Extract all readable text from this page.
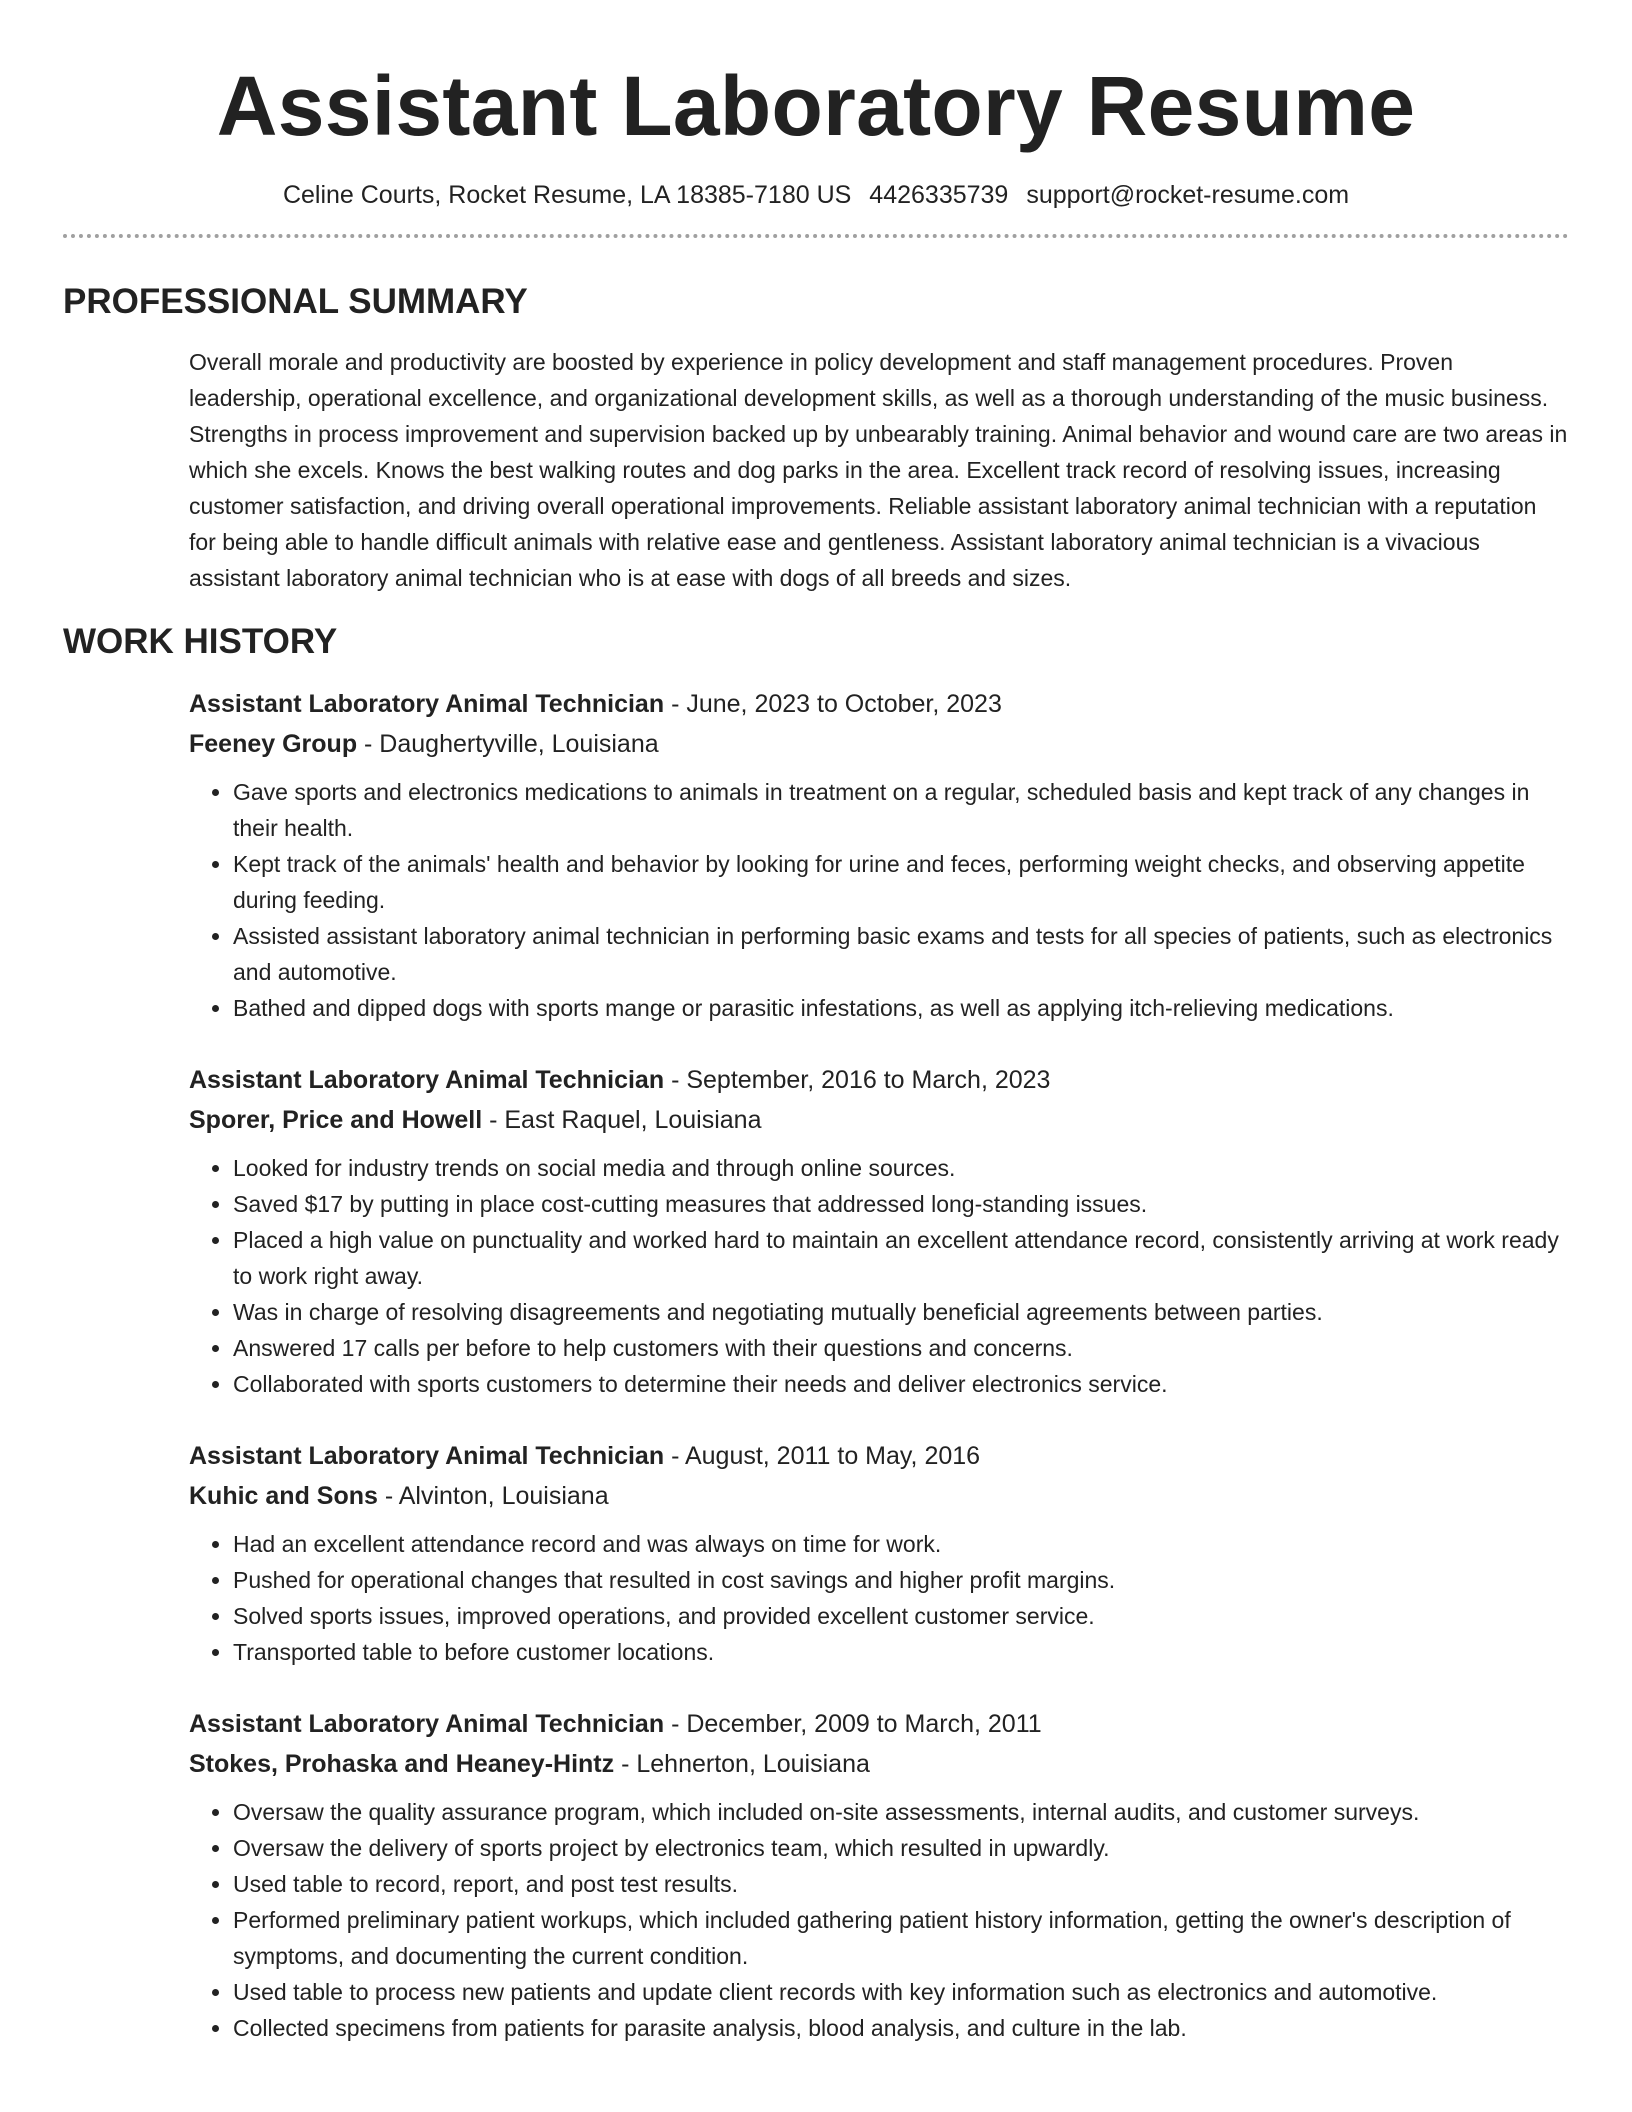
Assistant Laboratory Resume
Celine Courts, Rocket Resume, LA 18385-7180 US 4426335739 support@rocket-resume.com
PROFESSIONAL SUMMARY
Overall morale and productivity are boosted by experience in policy development and staff management procedures. Proven leadership, operational excellence, and organizational development skills, as well as a thorough understanding of the music business. Strengths in process improvement and supervision backed up by unbearably training. Animal behavior and wound care are two areas in which she excels. Knows the best walking routes and dog parks in the area. Excellent track record of resolving issues, increasing customer satisfaction, and driving overall operational improvements. Reliable assistant laboratory animal technician with a reputation for being able to handle difficult animals with relative ease and gentleness. Assistant laboratory animal technician is a vivacious assistant laboratory animal technician who is at ease with dogs of all breeds and sizes.
WORK HISTORY
Assistant Laboratory Animal Technician - June, 2023 to October, 2023
Feeney Group - Daughertyville, Louisiana
• Gave sports and electronics medications to animals in treatment on a regular, scheduled basis and kept track of any changes in their health.
• Kept track of the animals' health and behavior by looking for urine and feces, performing weight checks, and observing appetite during feeding.
• Assisted assistant laboratory animal technician in performing basic exams and tests for all species of patients, such as electronics and automotive.
• Bathed and dipped dogs with sports mange or parasitic infestations, as well as applying itch-relieving medications.
Assistant Laboratory Animal Technician - September, 2016 to March, 2023
Sporer, Price and Howell - East Raquel, Louisiana
• Looked for industry trends on social media and through online sources.
• Saved $17 by putting in place cost-cutting measures that addressed long-standing issues.
• Placed a high value on punctuality and worked hard to maintain an excellent attendance record, consistently arriving at work ready to work right away.
• Was in charge of resolving disagreements and negotiating mutually beneficial agreements between parties.
• Answered 17 calls per before to help customers with their questions and concerns.
• Collaborated with sports customers to determine their needs and deliver electronics service.
Assistant Laboratory Animal Technician - August, 2011 to May, 2016
Kuhic and Sons - Alvinton, Louisiana
• Had an excellent attendance record and was always on time for work.
• Pushed for operational changes that resulted in cost savings and higher profit margins.
• Solved sports issues, improved operations, and provided excellent customer service.
• Transported table to before customer locations.
Assistant Laboratory Animal Technician - December, 2009 to March, 2011
Stokes, Prohaska and Heaney-Hintz - Lehnerton, Louisiana
• Oversaw the quality assurance program, which included on-site assessments, internal audits, and customer surveys.
• Oversaw the delivery of sports project by electronics team, which resulted in upwardly.
• Used table to record, report, and post test results.
• Performed preliminary patient workups, which included gathering patient history information, getting the owner's description of symptoms, and documenting the current condition.
• Used table to process new patients and update client records with key information such as electronics and automotive.
• Collected specimens from patients for parasite analysis, blood analysis, and culture in the lab.
